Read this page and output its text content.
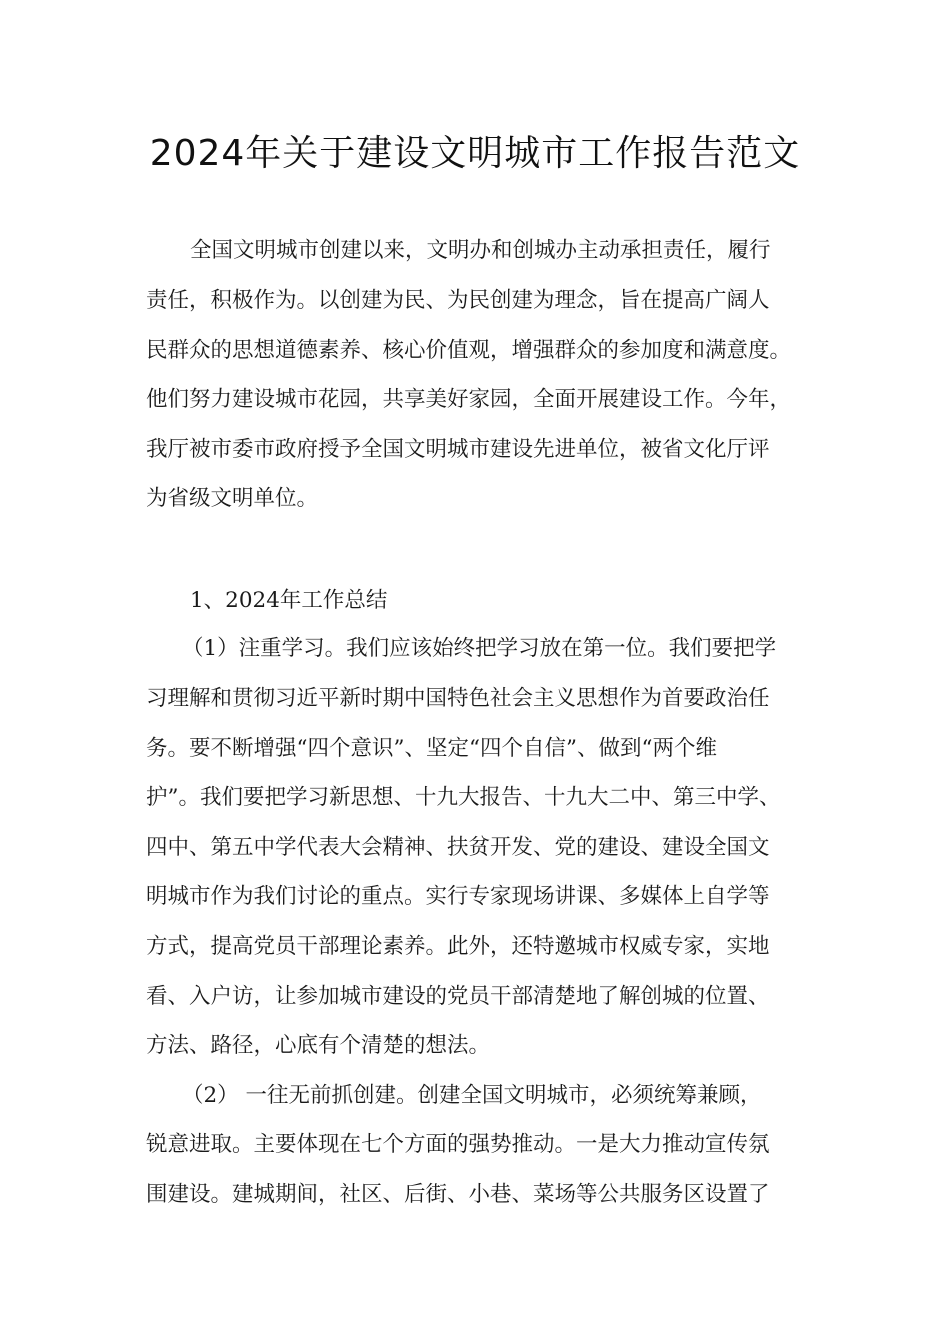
2024年关于建设文明城市工作报告范文
全国文明城市创建以来，文明办和创城办主动承担责任，履行
责任，积极作为。以创建为民、为民创建为理念，旨在提高广阔人
民群众的思想道德素养、核心价值观，增强群众的参加度和满意度。
他们努力建设城市花园，共享美好家园，全面开展建设工作。今年，
我厅被市委市政府授予全国文明城市建设先进单位，被省文化厅评
为省级文明单位。
1、2024年工作总结
（1）注重学习。我们应该始终把学习放在第一位。我们要把学
习理解和贯彻习近平新时期中国特色社会主义思想作为首要政治任
务。要不断增强“四个意识”、坚定“四个自信”、做到“两个维
护”。我们要把学习新思想、十九大报告、十九大二中、第三中学、
四中、第五中学代表大会精神、扶贫开发、党的建设、建设全国文
明城市作为我们讨论的重点。实行专家现场讲课、多媒体上自学等
方式，提高党员干部理论素养。此外，还特邀城市权威专家，实地
看、入户访，让参加城市建设的党员干部清楚地了解创城的位置、
方法、路径，心底有个清楚的想法。
（2） 一往无前抓创建。创建全国文明城市，必须统筹兼顾，
锐意进取。主要体现在七个方面的强势推动。一是大力推动宣传氛
围建设。建城期间，社区、后街、小巷、菜场等公共服务区设置了
